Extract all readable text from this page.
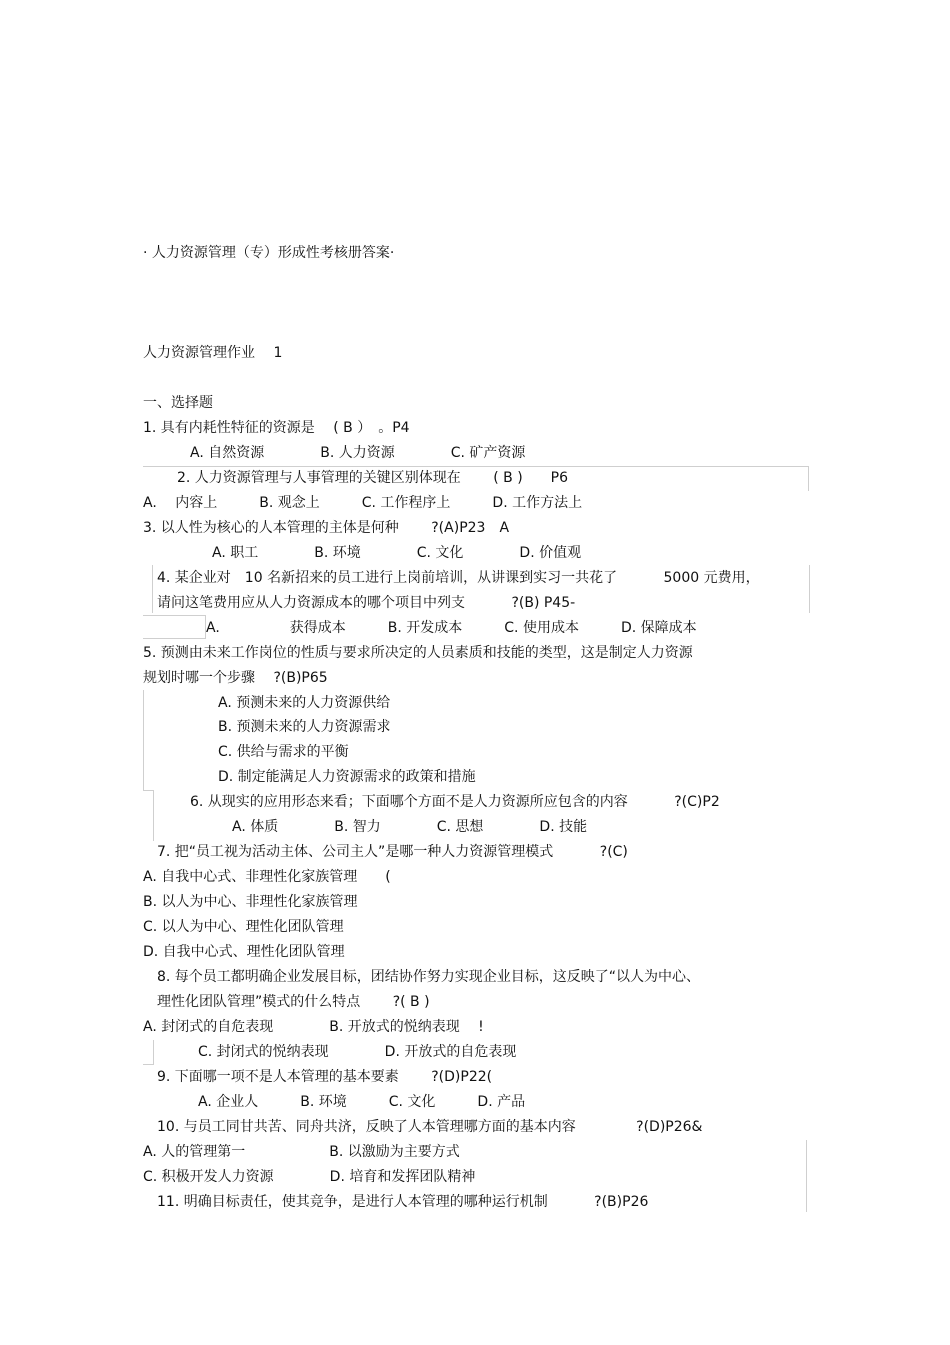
· 人力资源管理（专）形成性考核册答案·
人力资源管理作业　 1
一、选择题
1. 具有内耗性特征的资源是　 ( B ）　。P4
A. 自然资源　　　　B. 人力资源　　　　C. 矿产资源
2. 人力资源管理与人事管理的关键区别体现在　　 ( B )　　P6
A.　 内容上　　　B. 观念上　　　C. 工作程序上　　　D. 工作方法上
3. 以人性为核心的人本管理的主体是何种　　 ?(A)P23　A
A. 职工　　　　B. 环境　　　　C. 文化　　　　D. 价值观
4. 某企业对　10 名新招来的员工进行上岗前培训，从讲课到实习一共花了　　　 5000 元费用，
请问这笔费用应从人力资源成本的哪个项目中列支　　　 ?(B) P45-
A.　　　　　获得成本　　　B. 开发成本　　　C. 使用成本　　　D. 保障成本
5. 预测由未来工作岗位的性质与要求所决定的人员素质和技能的类型，这是制定人力资源
规划时哪一个步骤　 ?(B)P65
A. 预测未来的人力资源供给
B. 预测未来的人力资源需求
C. 供给与需求的平衡
D. 制定能满足人力资源需求的政策和措施
6. 从现实的应用形态来看；下面哪个方面不是人力资源所应包含的内容　　　 ?(C)P2
A. 体质　　　　B. 智力　　　　C. 思想　　　　D. 技能
7. 把“员工视为活动主体、公司主人”是哪一种人力资源管理模式　　　 ?(C)
A. 自我中心式、非理性化家族管理　　(
B. 以人为中心、非理性化家族管理
C. 以人为中心、理性化团队管理
D. 自我中心式、理性化团队管理
8. 每个员工都明确企业发展目标，团结协作努力实现企业目标，这反映了“以人为中心、
理性化团队管理”模式的什么特点　　 ?( B )
A. 封闭式的自危表现　　　　B. 开放式的悦纳表现　 !
C. 封闭式的悦纳表现　　　　D. 开放式的自危表现
9. 下面哪一项不是人本管理的基本要素　　 ?(D)P22(
A. 企业人　　　B. 环境　　　C. 文化　　　D. 产品
10. 与员工同甘共苦、同舟共济，反映了人本管理哪方面的基本内容　　　　 ?(D)P26&
A. 人的管理第一　　　　　　B. 以激励为主要方式
C. 积极开发人力资源　　　　D. 培育和发挥团队精神
11. 明确目标责任，使其竞争，是进行人本管理的哪种运行机制　　　 ?(B)P26
